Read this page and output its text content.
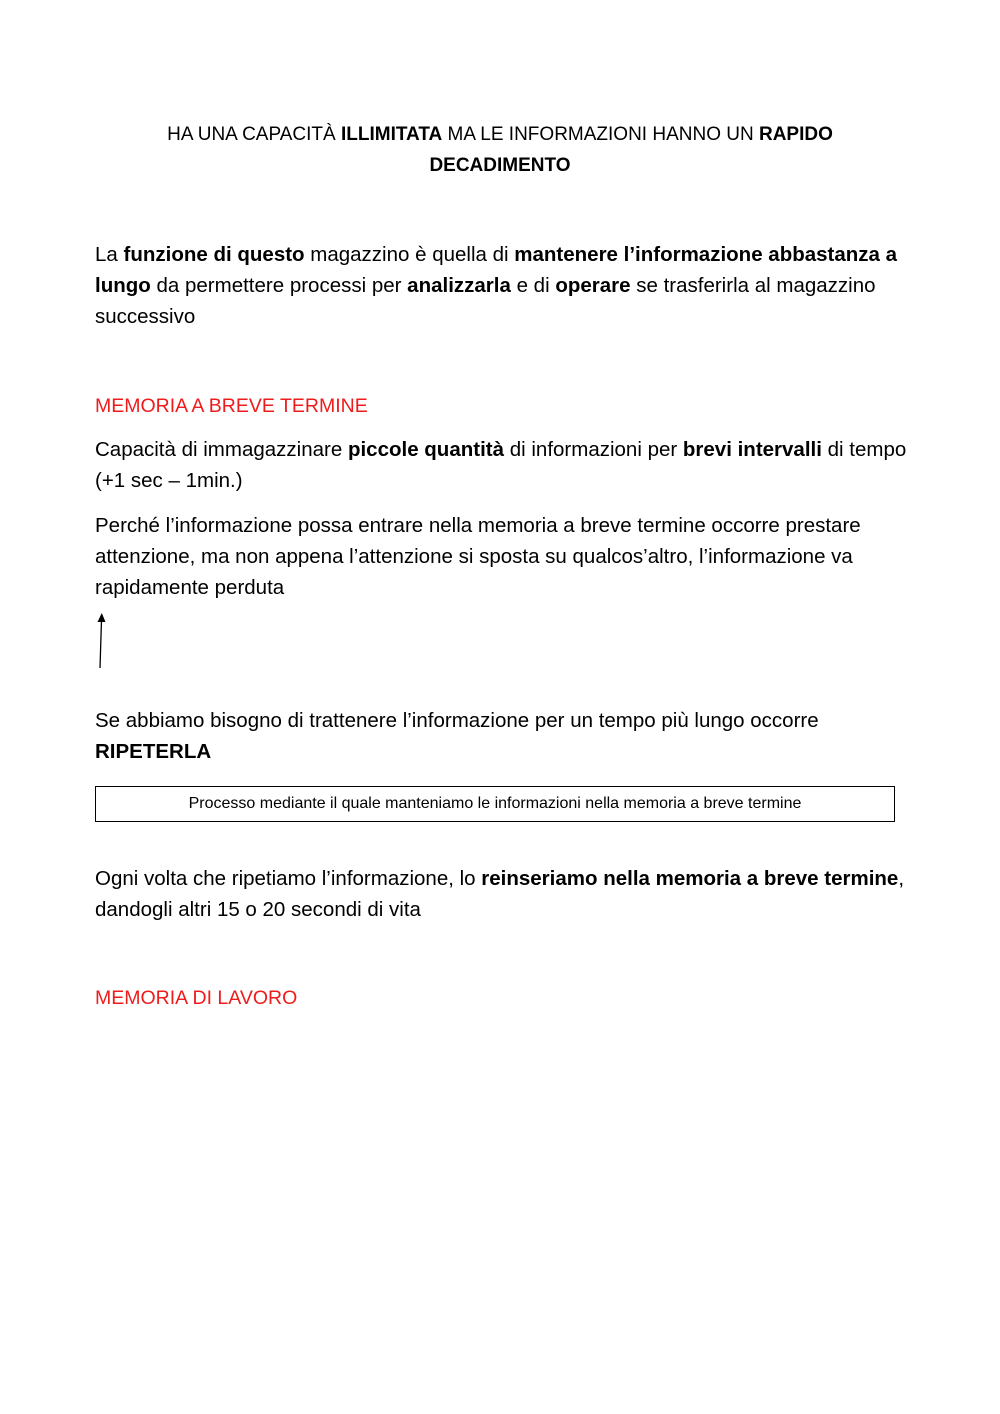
HA UNA CAPACITÀ ILLIMITATA MA LE INFORMAZIONI HANNO UN RAPIDO DECADIMENTO
La funzione di questo magazzino è quella di mantenere l’informazione abbastanza a lungo da permettere processi per analizzarla e di operare se trasferirla al magazzino successivo
MEMORIA A BREVE TERMINE
Capacità di immagazzinare piccole quantità di informazioni per brevi intervalli di tempo (+1 sec – 1min.)
Perché l’informazione possa entrare nella memoria a breve termine occorre prestare attenzione, ma non appena l’attenzione si sposta su qualcos’altro, l’informazione va rapidamente perduta
Se abbiamo bisogno di trattenere l’informazione per un tempo più lungo occorre RIPETERLA
Processo mediante il quale manteniamo le informazioni nella memoria a breve termine
Ogni volta che ripetiamo l’informazione, lo reinseriamo nella memoria a breve termine, dandogli altri 15 o 20 secondi di vita
MEMORIA DI LAVORO
